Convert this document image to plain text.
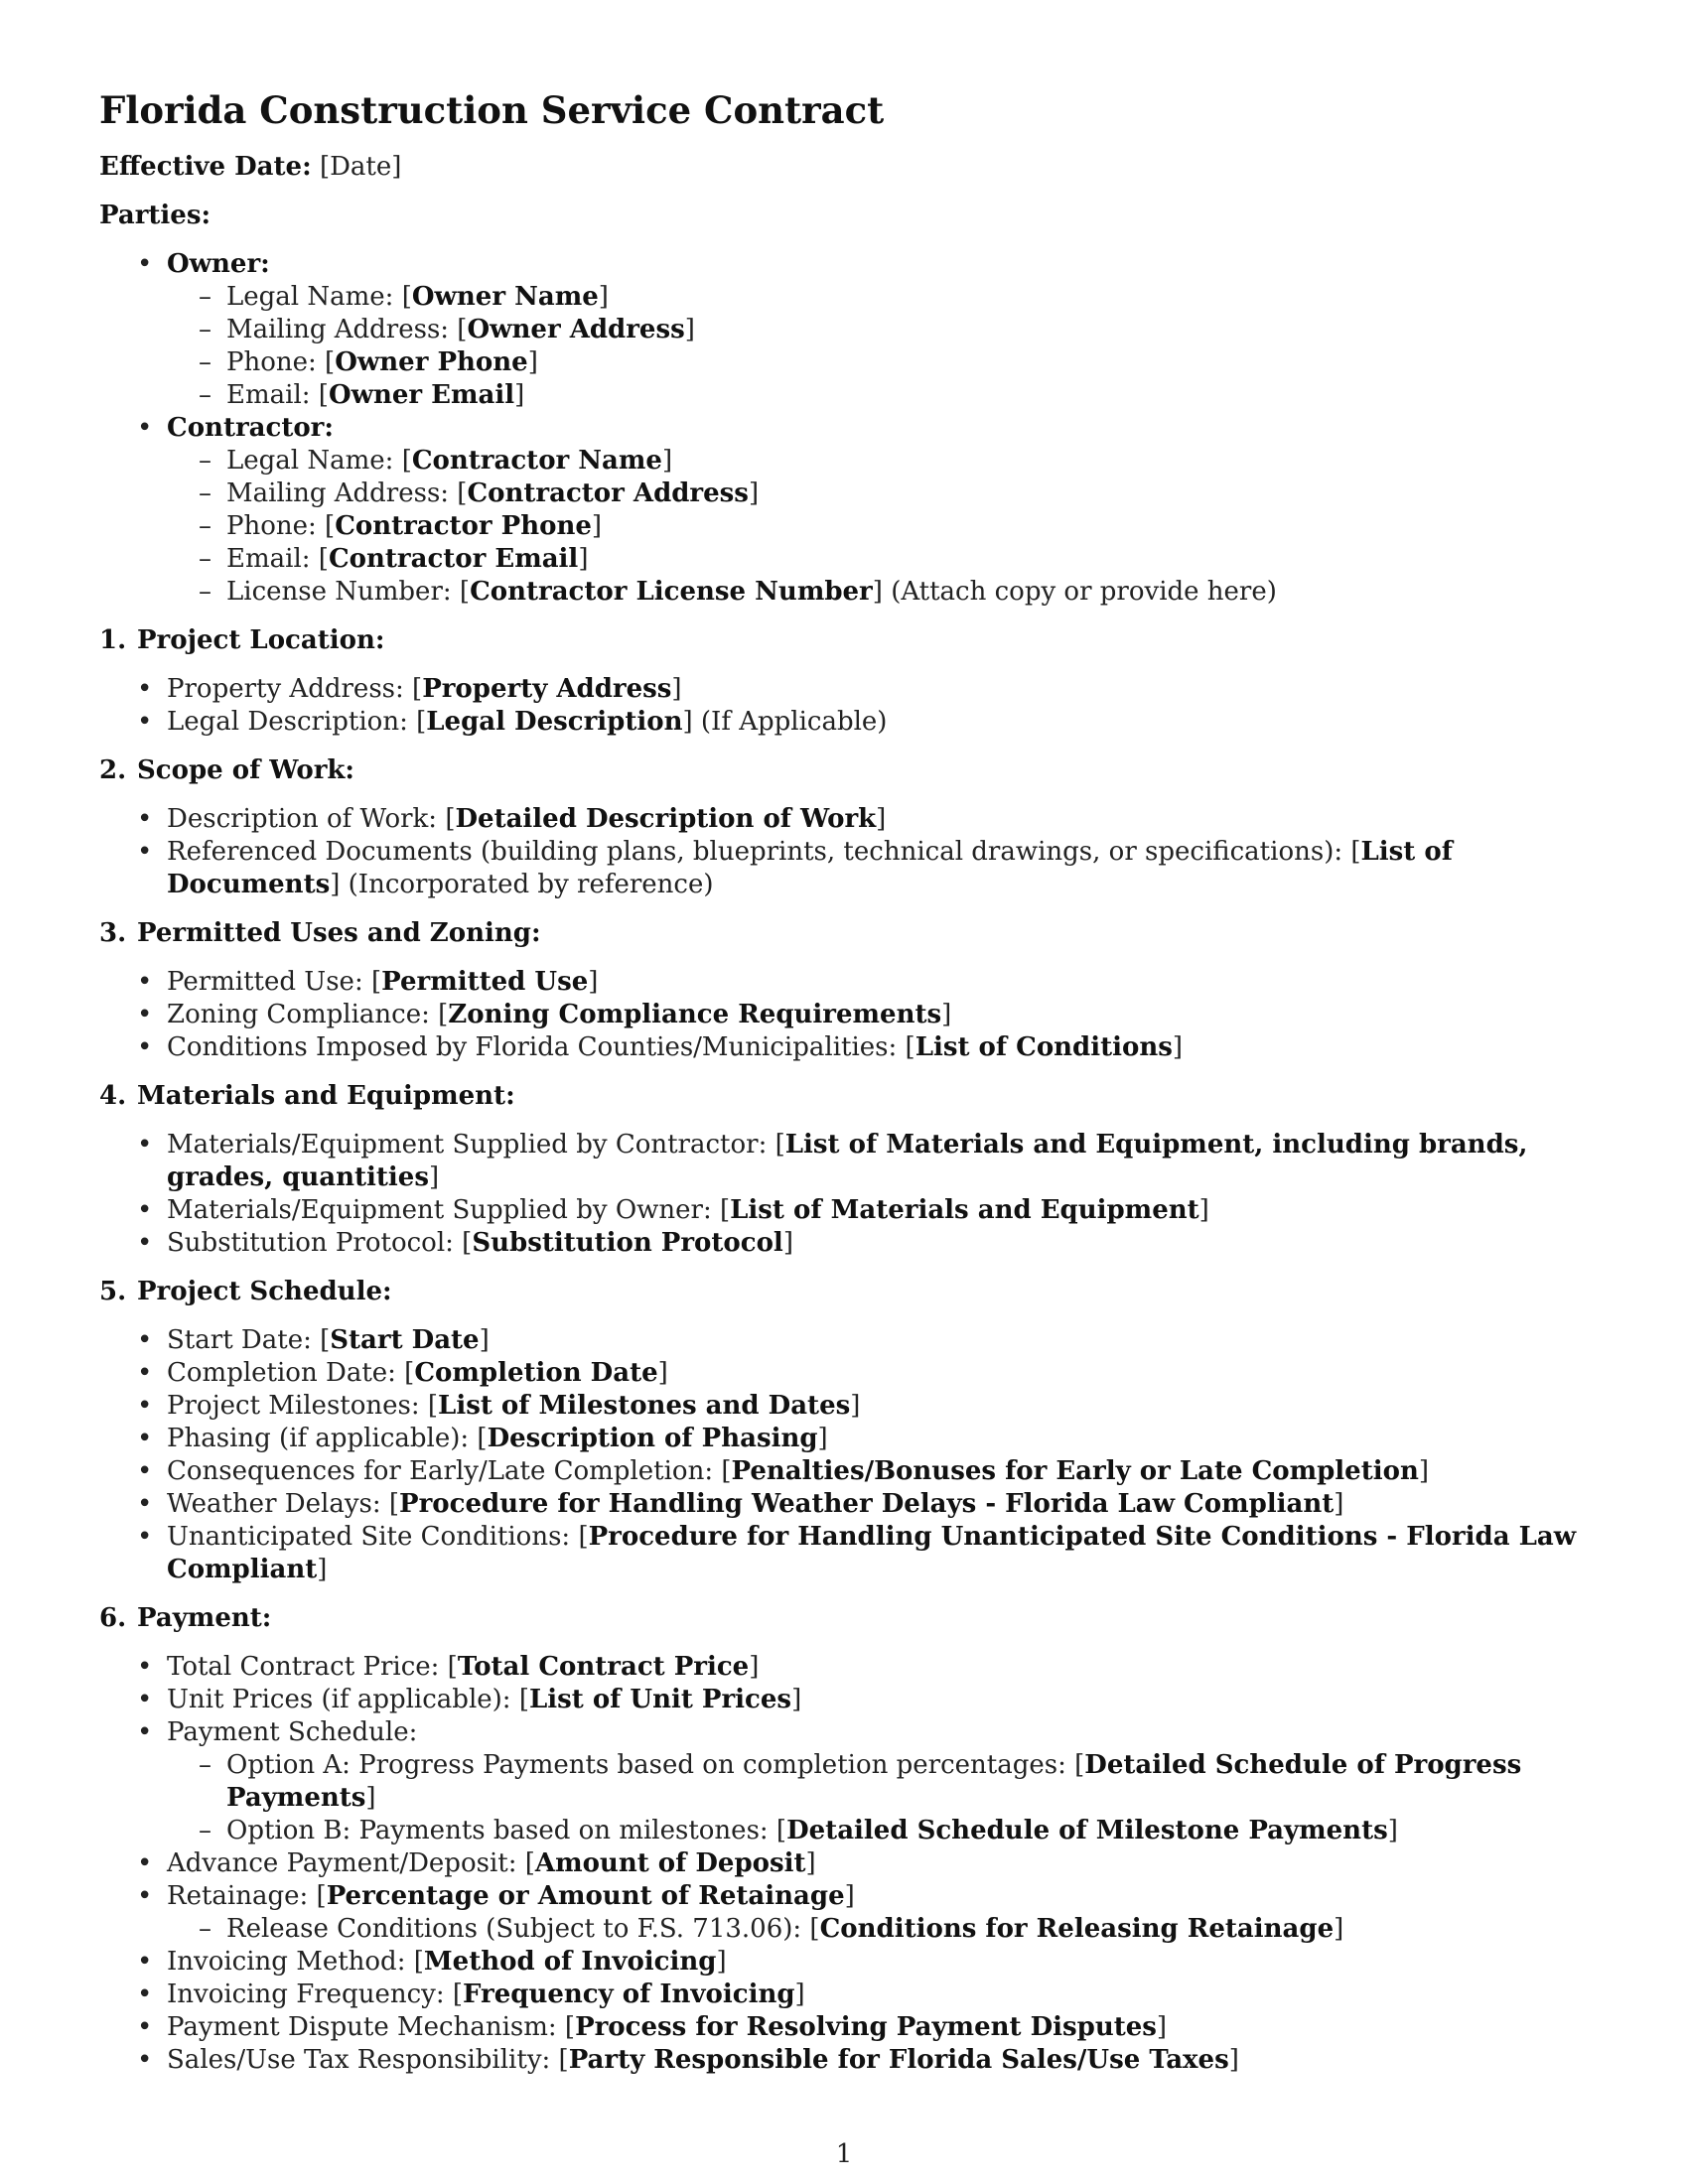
Florida Construction Service Contract
Effective Date: [Date]
Parties:
• Owner:
– Legal Name: [Owner Name]
– Mailing Address: [Owner Address]
– Phone: [Owner Phone]
– Email: [Owner Email]
• Contractor:
– Legal Name: [Contractor Name]
– Mailing Address: [Contractor Address]
– Phone: [Contractor Phone]
– Email: [Contractor Email]
– License Number: [Contractor License Number] (Attach copy or provide here)
1. Project Location:
• Property Address: [Property Address]
• Legal Description: [Legal Description] (If Applicable)
2. Scope of Work:
• Description of Work: [Detailed Description of Work]
• Referenced Documents (building plans, blueprints, technical drawings, or specifications): [List of Documents] (Incorporated by reference)
3. Permitted Uses and Zoning:
• Permitted Use: [Permitted Use]
• Zoning Compliance: [Zoning Compliance Requirements]
• Conditions Imposed by Florida Counties/Municipalities: [List of Conditions]
4. Materials and Equipment:
• Materials/Equipment Supplied by Contractor: [List of Materials and Equipment, including brands, grades, quantities]
• Materials/Equipment Supplied by Owner: [List of Materials and Equipment]
• Substitution Protocol: [Substitution Protocol]
5. Project Schedule:
• Start Date: [Start Date]
• Completion Date: [Completion Date]
• Project Milestones: [List of Milestones and Dates]
• Phasing (if applicable): [Description of Phasing]
• Consequences for Early/Late Completion: [Penalties/Bonuses for Early or Late Completion]
• Weather Delays: [Procedure for Handling Weather Delays - Florida Law Compliant]
• Unanticipated Site Conditions: [Procedure for Handling Unanticipated Site Conditions - Florida Law Compliant]
6. Payment:
• Total Contract Price: [Total Contract Price]
• Unit Prices (if applicable): [List of Unit Prices]
• Payment Schedule:
– Option A: Progress Payments based on completion percentages: [Detailed Schedule of Progress Payments]
– Option B: Payments based on milestones: [Detailed Schedule of Milestone Payments]
• Advance Payment/Deposit: [Amount of Deposit]
• Retainage: [Percentage or Amount of Retainage]
– Release Conditions (Subject to F.S. 713.06): [Conditions for Releasing Retainage]
• Invoicing Method: [Method of Invoicing]
• Invoicing Frequency: [Frequency of Invoicing]
• Payment Dispute Mechanism: [Process for Resolving Payment Disputes]
• Sales/Use Tax Responsibility: [Party Responsible for Florida Sales/Use Taxes]
1
